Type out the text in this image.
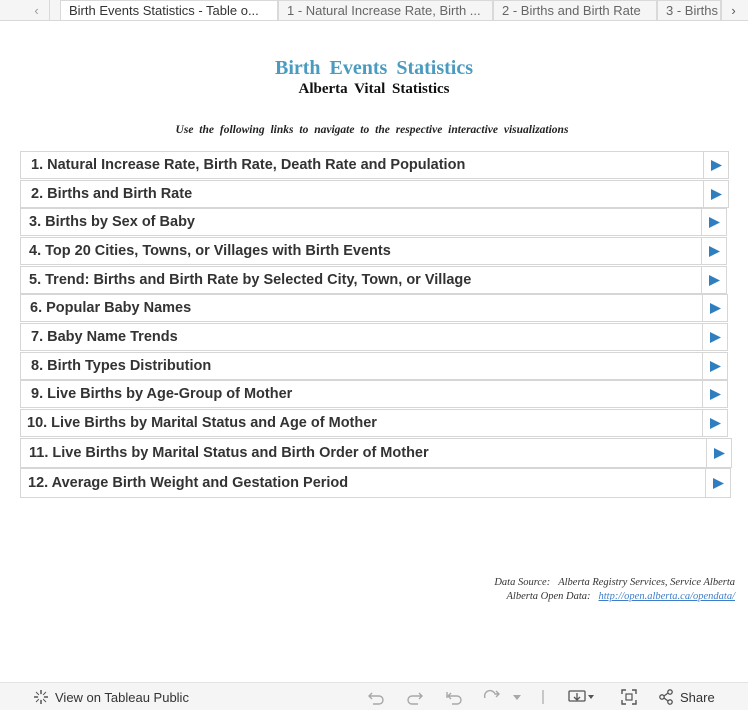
‹	Birth Events Statistics - Table o...	1 - Natural Increase Rate, Birth ...	2 - Births and Birth Rate	3 - Births ›
Birth Events Statistics
Alberta Vital Statistics
Use the following links to navigate to the respective interactive visualizations
1. Natural Increase Rate, Birth Rate, Death Rate and Population
2. Births and Birth Rate
3. Births by Sex of Baby
4. Top 20 Cities, Towns, or Villages with Birth Events
5. Trend: Births and Birth Rate by Selected City, Town, or Village
6. Popular Baby Names
7. Baby Name Trends
8. Birth Types Distribution
9. Live Births by Age-Group of Mother
10. Live Births by Marital Status and Age of Mother
11. Live Births by Marital Status and Birth Order of Mother
12. Average Birth Weight and Gestation Period
Data Source: Alberta Registry Services, Service Alberta
Alberta Open Data: http://open.alberta.ca/opendata/
View on Tableau Public	Share
